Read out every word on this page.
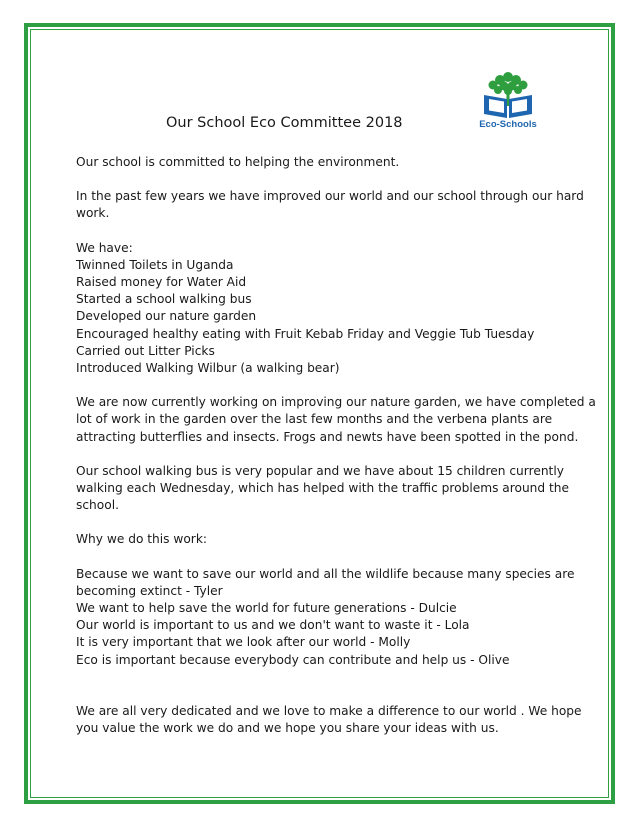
Our School Eco Committee 2018	Eco-Schools

Our school is committed to helping the environment.

In the past few years we have improved our world and our school through our hard
work.

We have:
Twinned Toilets in Uganda
Raised money for Water Aid
Started a school walking bus
Developed our nature garden
Encouraged healthy eating with Fruit Kebab Friday and Veggie Tub Tuesday
Carried out Litter Picks
Introduced Walking Wilbur (a walking bear)

We are now currently working on improving our nature garden, we have completed a
lot of work in the garden over the last few months and the verbena plants are
attracting butterflies and insects. Frogs and newts have been spotted in the pond.

Our school walking bus is very popular and we have about 15 children currently
walking each Wednesday, which has helped with the traffic problems around the
school.

Why we do this work:

Because we want to save our world and all the wildlife because many species are
becoming extinct - Tyler
We want to help save the world for future generations - Dulcie
Our world is important to us and we don't want to waste it - Lola
It is very important that we look after our world - Molly
Eco is important because everybody can contribute and help us - Olive

We are all very dedicated and we love to make a difference to our world . We hope
you value the work we do and we hope you share your ideas with us.
